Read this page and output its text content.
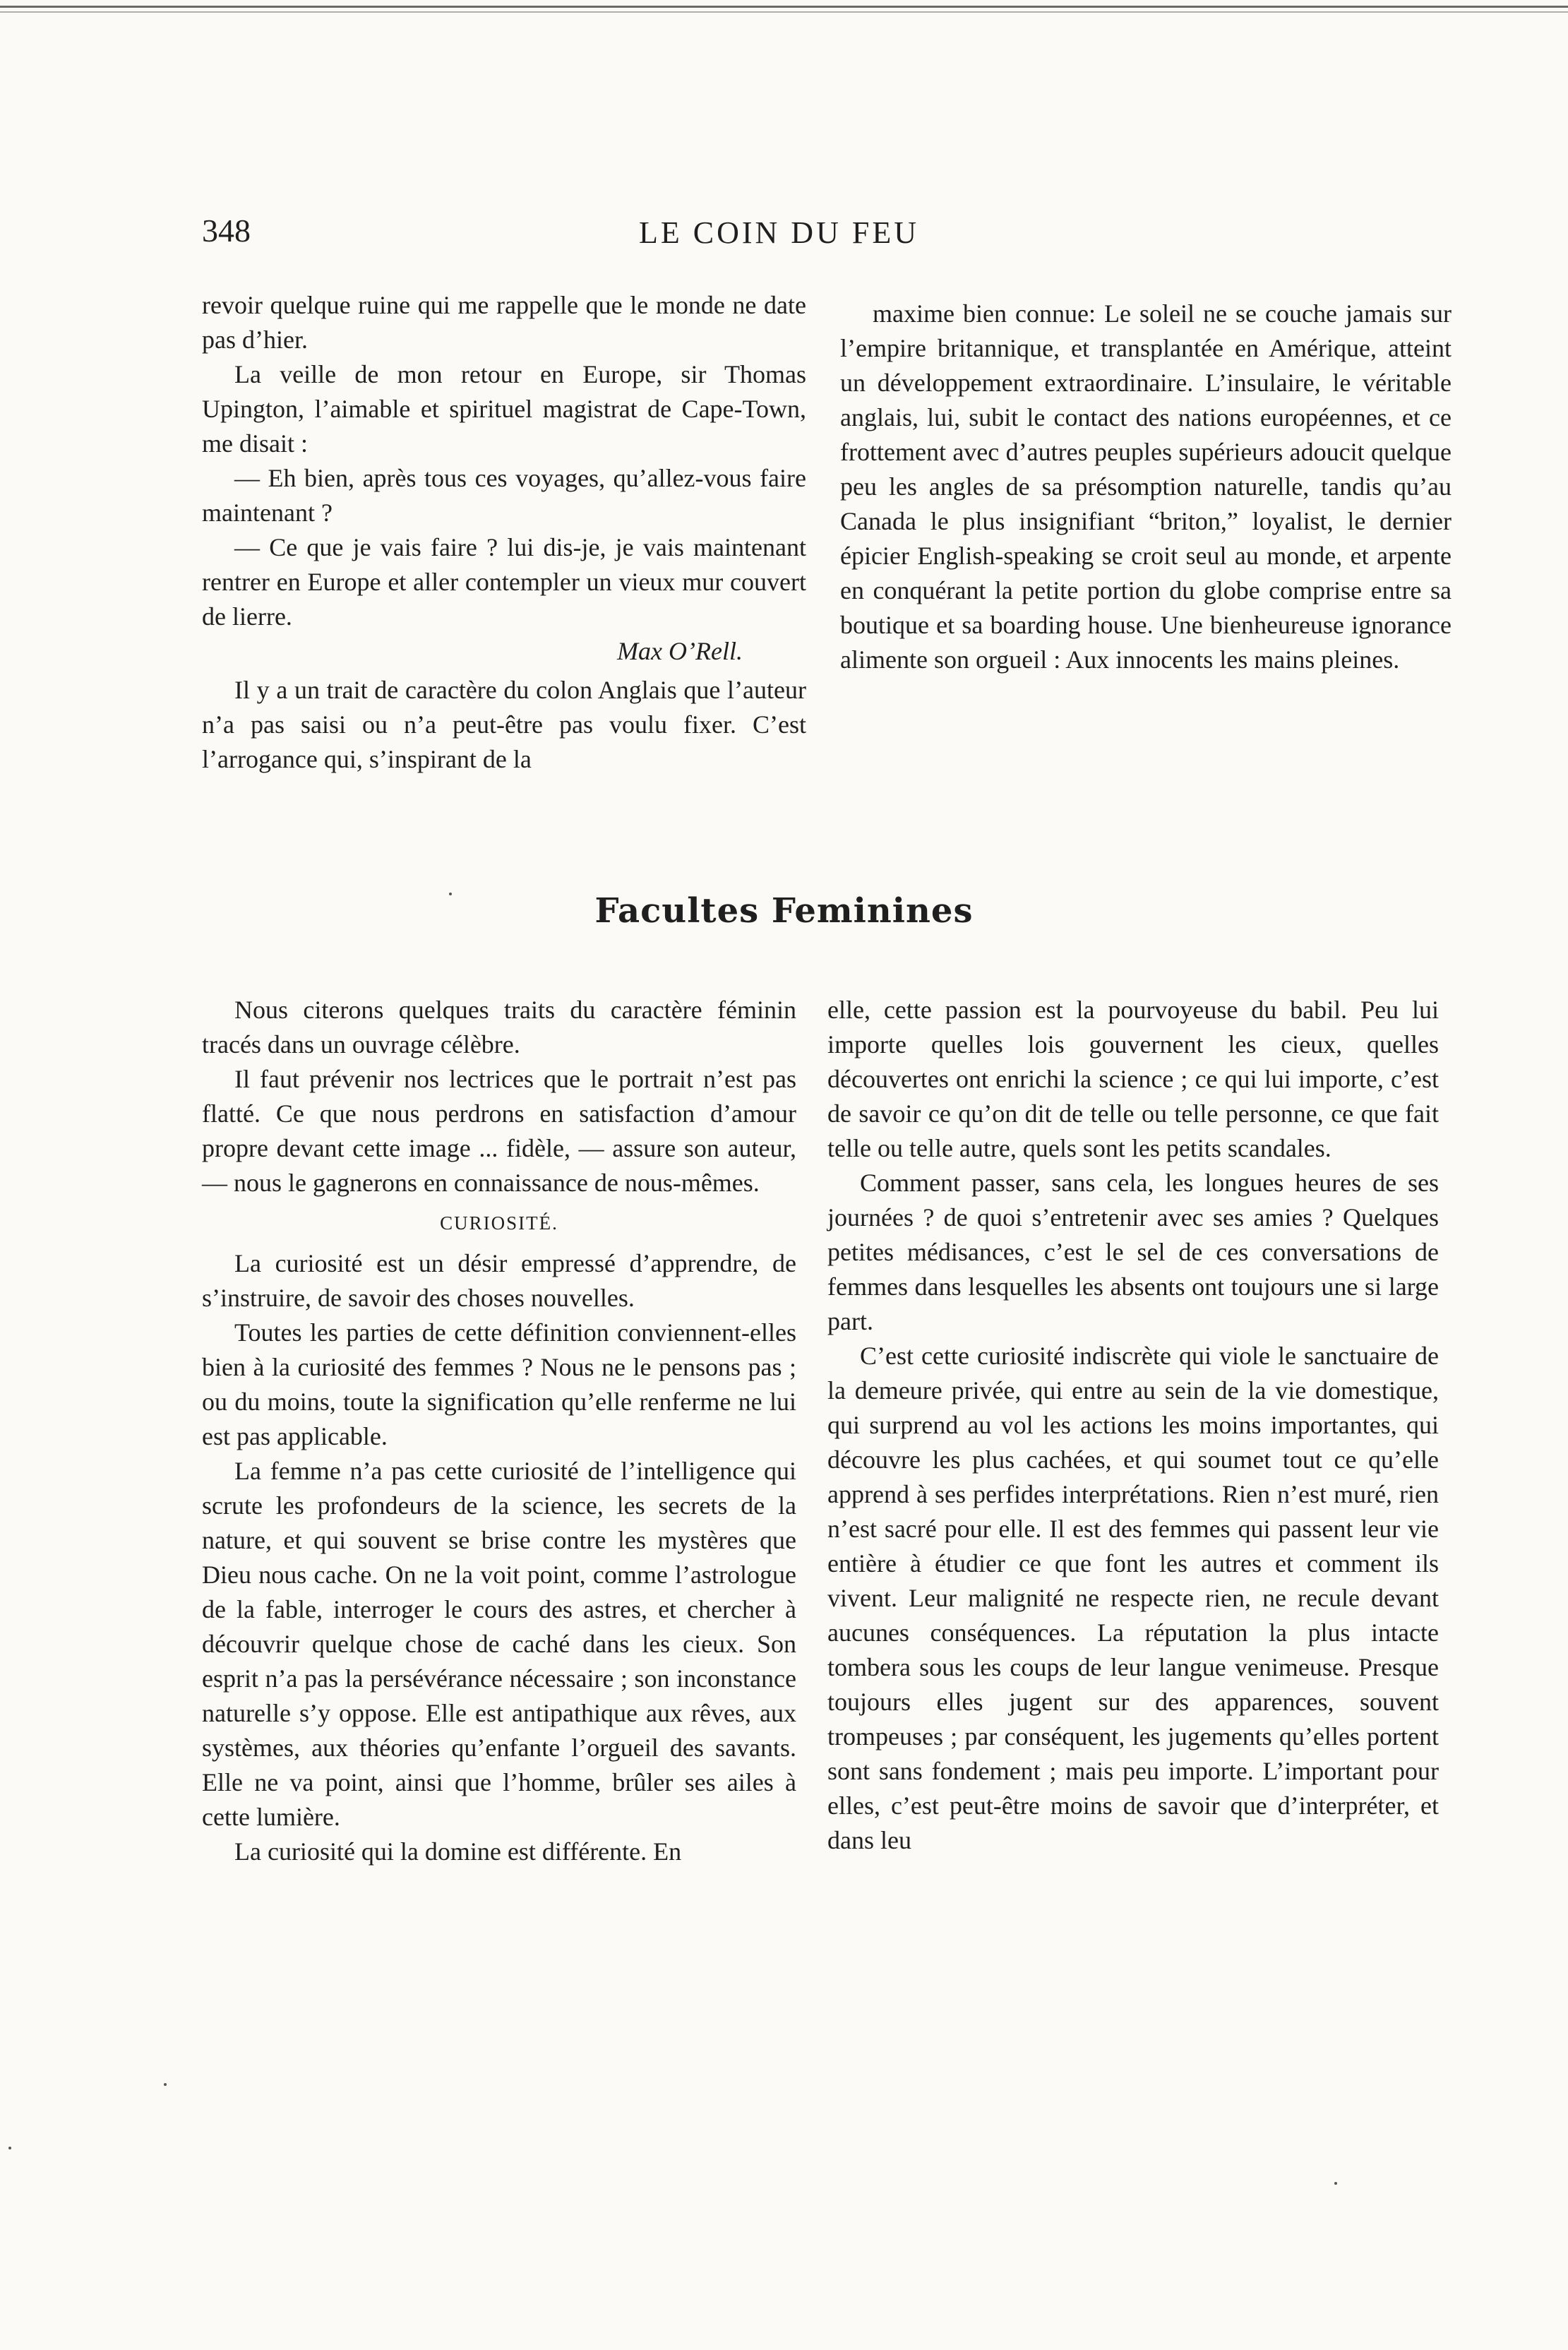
348	LE COIN DU FEU

revoir quelque ruine qui me rappelle que le monde ne date pas d’hier.

La veille de mon retour en Europe, sir Thomas Upington, l’aimable et spirituel magistrat de Cape-Town, me disait :

— Eh bien, après tous ces voyages, qu’allez-vous faire maintenant ?

— Ce que je vais faire ? lui dis-je, je vais maintenant rentrer en Europe et aller contempler un vieux mur couvert de lierre.

Max O’Rell.

Il y a un trait de caractère du colon Anglais que l’auteur n’a pas saisi ou n’a peut-être pas voulu fixer. C’est l’arrogance qui, s’inspirant de la

maxime bien connue: Le soleil ne se couche jamais sur l’empire britannique, et transplantée en Amérique, atteint un développement extraordinaire. L’insulaire, le véritable anglais, lui, subit le contact des nations européennes, et ce frottement avec d’autres peuples supérieurs adoucit quelque peu les angles de sa présomption naturelle, tandis qu’au Canada le plus insignifiant “briton,” loyalist, le dernier épicier English-speaking se croit seul au monde, et arpente en conquérant la petite portion du globe comprise entre sa boutique et sa boarding house. Une bienheureuse ignorance alimente son orgueil : Aux innocents les mains pleines.

Facultes Feminines

Nous citerons quelques traits du caractère féminin tracés dans un ouvrage célèbre.

Il faut prévenir nos lectrices que le portrait n’est pas flatté. Ce que nous perdrons en satisfaction d’amour propre devant cette image ... fidèle, — assure son auteur, — nous le gagnerons en connaissance de nous-mêmes.

CURIOSITÉ.

La curiosité est un désir empressé d’apprendre, de s’instruire, de savoir des choses nouvelles.

Toutes les parties de cette définition conviennent-elles bien à la curiosité des femmes ? Nous ne le pensons pas ; ou du moins, toute la signification qu’elle renferme ne lui est pas applicable.

La femme n’a pas cette curiosité de l’intelligence qui scrute les profondeurs de la science, les secrets de la nature, et qui souvent se brise contre les mystères que Dieu nous cache. On ne la voit point, comme l’astrologue de la fable, interroger le cours des astres, et chercher à découvrir quelque chose de caché dans les cieux. Son esprit n’a pas la persévérance nécessaire ; son inconstance naturelle s’y oppose. Elle est antipathique aux rêves, aux systèmes, aux théories qu’enfante l’orgueil des savants. Elle ne va point, ainsi que l’homme, brûler ses ailes à cette lumière.

La curiosité qui la domine est différente. En

elle, cette passion est la pourvoyeuse du babil. Peu lui importe quelles lois gouvernent les cieux, quelles découvertes ont enrichi la science ; ce qui lui importe, c’est de savoir ce qu’on dit de telle ou telle personne, ce que fait telle ou telle autre, quels sont les petits scandales.

Comment passer, sans cela, les longues heures de ses journées ? de quoi s’entretenir avec ses amies ? Quelques petites médisances, c’est le sel de ces conversations de femmes dans lesquelles les absents ont toujours une si large part.

C’est cette curiosité indiscrète qui viole le sanctuaire de la demeure privée, qui entre au sein de la vie domestique, qui surprend au vol les actions les moins importantes, qui découvre les plus cachées, et qui soumet tout ce qu’elle apprend à ses perfides interprétations. Rien n’est muré, rien n’est sacré pour elle. Il est des femmes qui passent leur vie entière à étudier ce que font les autres et comment ils vivent. Leur malignité ne respecte rien, ne recule devant aucunes conséquences. La réputation la plus intacte tombera sous les coups de leur langue venimeuse. Presque toujours elles jugent sur des apparences, souvent trompeuses ; par conséquent, les jugements qu’elles portent sont sans fondement ; mais peu importe. L’important pour elles, c’est peut-être moins de savoir que d’interpréter, et dans leu
